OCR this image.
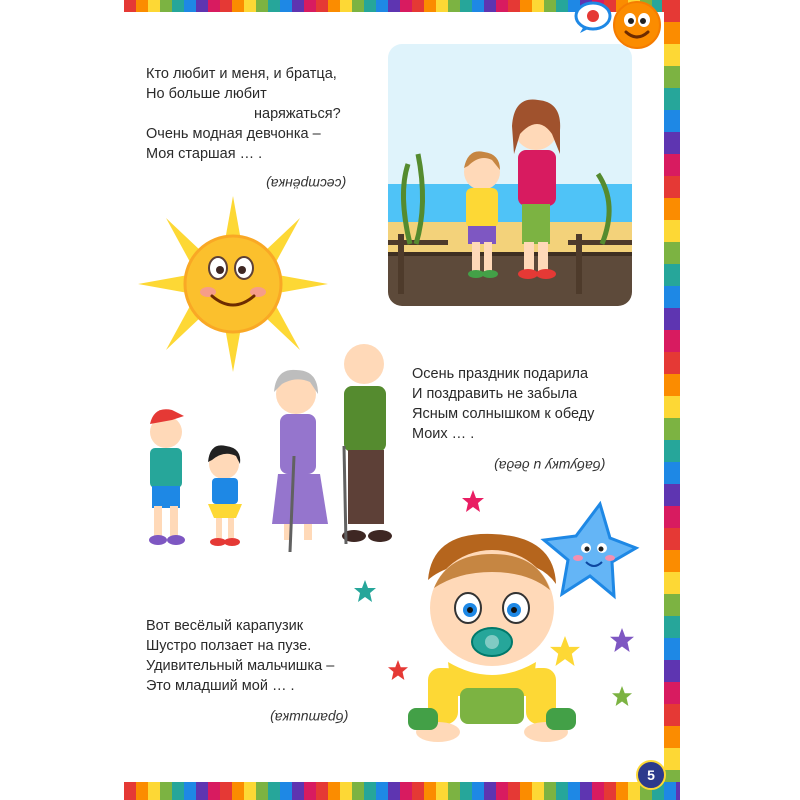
Кто любит и меня, и братца,
Но больше любит
наряжаться?
Очень модная девчонка –
Моя старшая … .
(сестрёнка)
Осень праздник подарила
И поздравить не забыла
Ясным солнышком к обеду
Моих … .
(бабушку и деда)
Вот весёлый карапузик
Шустро ползает на пузе.
Удивительный мальчишка –
Это младший мой … .
(братишка)
5
